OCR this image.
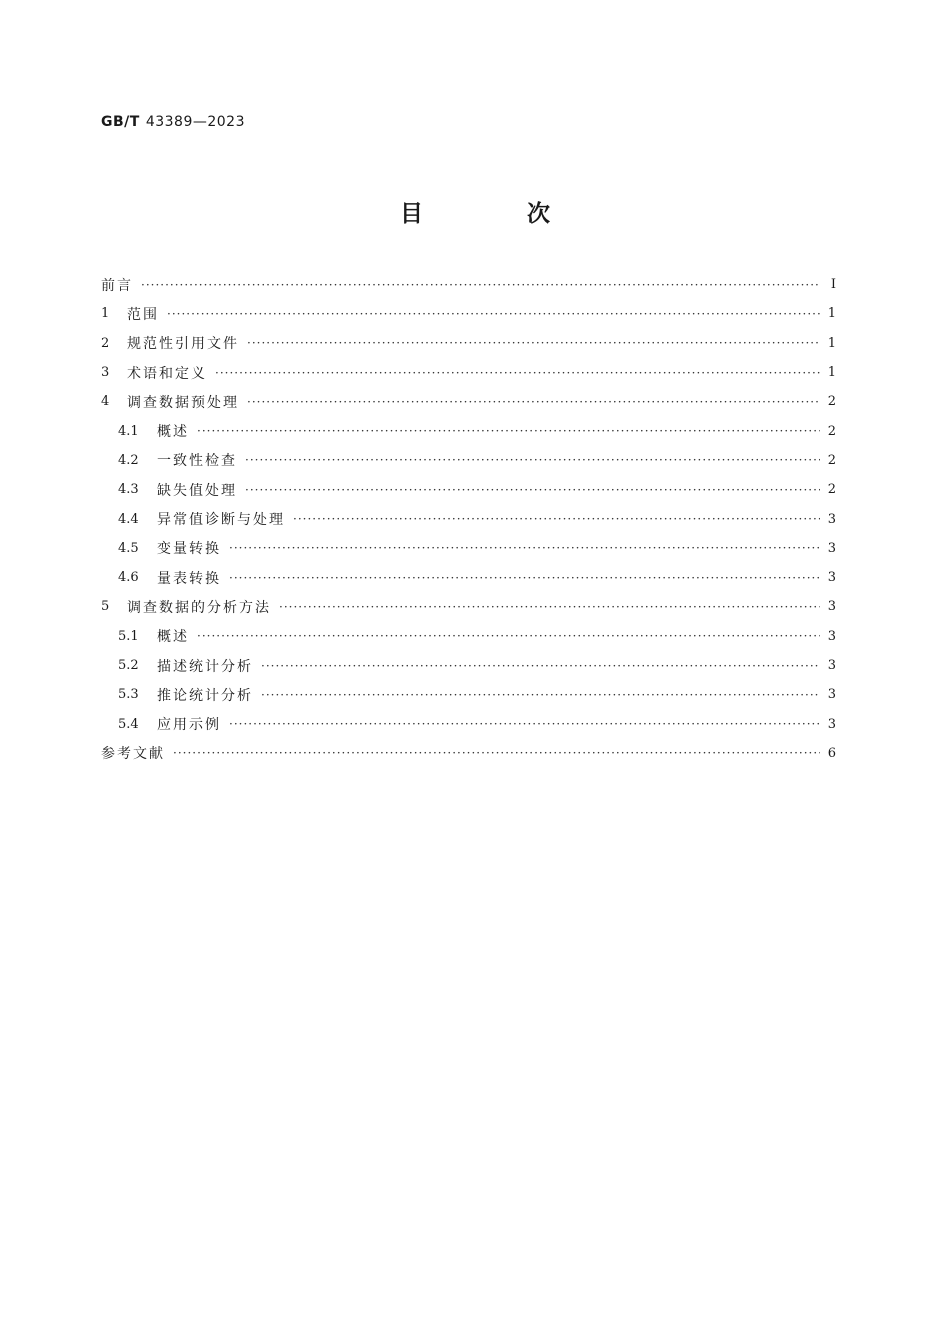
GB/T 43389—2023
目 次
前言 ·····	Ⅰ
1	范围 ·····	1
2	规范性引用文件 ·····	1
3	术语和定义 ·····	1
4	调查数据预处理 ·····	2
4.1	概述 ·····	2
4.2	一致性检查 ·····	2
4.3	缺失值处理 ·····	2
4.4	异常值诊断与处理 ·····	3
4.5	变量转换 ·····	3
4.6	量表转换 ·····	3
5	调查数据的分析方法 ·····	3
5.1	概述 ·····	3
5.2	描述统计分析 ·····	3
5.3	推论统计分析 ·····	3
5.4	应用示例 ·····	3
参考文献 ·····	6
